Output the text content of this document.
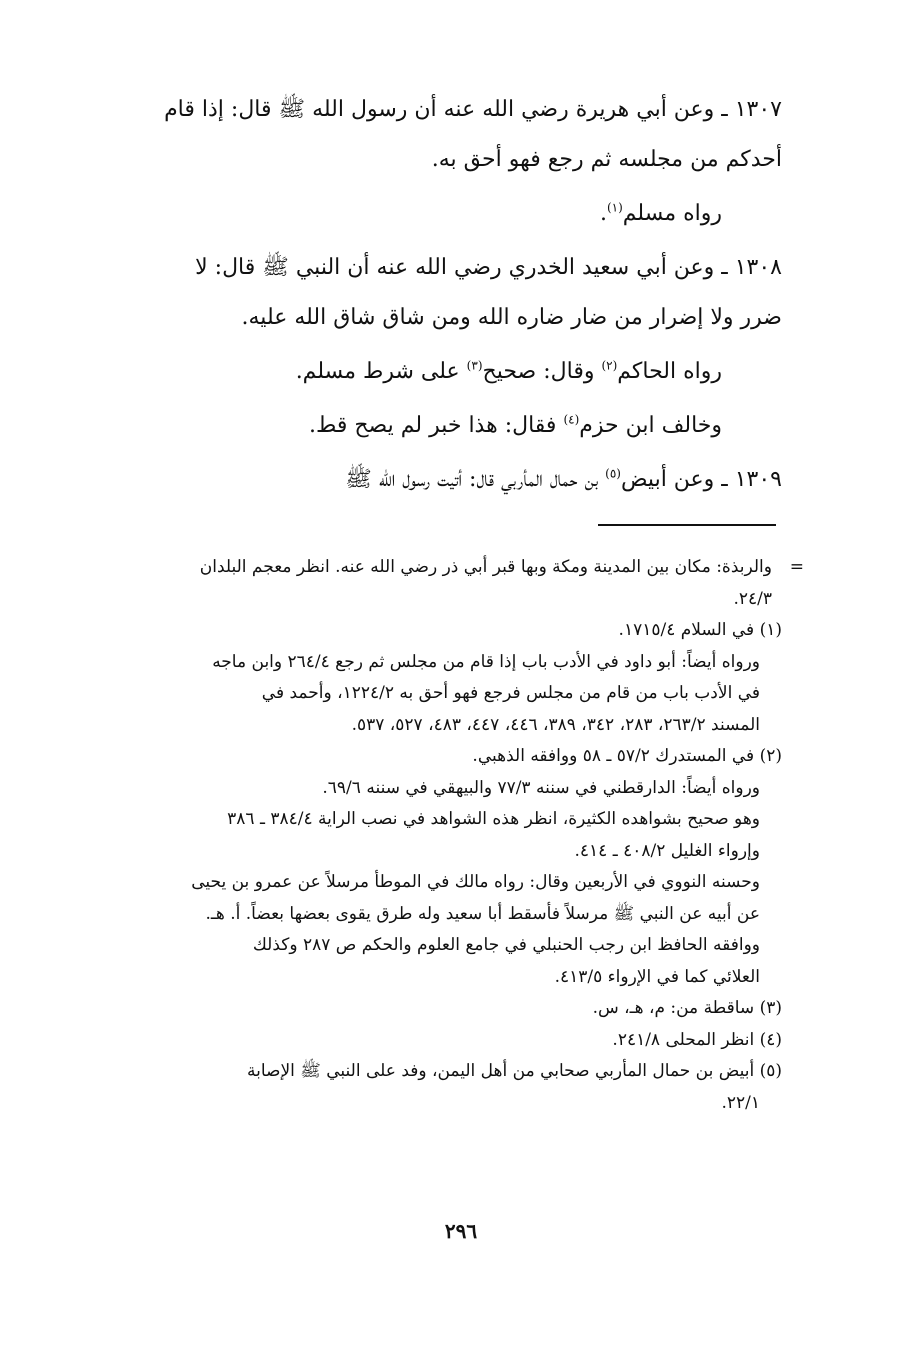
١٣٠٧ ـ وعن أبي هريرة رضي الله عنه أن رسول الله ﷺ قال: إذا قام

أحدكم من مجلسه ثم رجع فهو أحق به.

رواه مسلم$^{(١)}$.

١٣٠٨ ـ وعن أبي سعيد الخدري رضي الله عنه أن النبي ﷺ قال: لا

ضرر ولا إضرار من ضار ضاره الله ومن شاق شاق الله عليه.

رواه الحاكم$^{(٢)}$ وقال: صحيح$^{(٣)}$ على شرط مسلم.

وخالف ابن حزم$^{(٤)}$ فقال: هذا خبر لم يصح قط.

١٣٠٩ ـ وعن أبيض$^{(٥)}$ بن حمال المأربي قال: أتيت رسول الله ﷺ

=

والربذة: مكان بين المدينة ومكة وبها قبر أبي ذر رضي الله عنه. انظر معجم البلدان

٢٤/٣.

(١) في السلام ١٧١٥/٤.

ورواه أيضاً: أبو داود في الأدب باب إذا قام من مجلس ثم رجع ٢٦٤/٤ وابن ماجه

في الأدب باب من قام من مجلس فرجع فهو أحق به ١٢٢٤/٢، وأحمد في

المسند ٢٦٣/٢، ٢٨٣، ٣٤٢، ٣٨٩، ٤٤٦، ٤٤٧، ٤٨٣، ٥٢٧، ٥٣٧.

(٢) في المستدرك ٥٧/٢ ـ ٥٨ ووافقه الذهبي.

ورواه أيضاً: الدارقطني في سننه ٧٧/٣ والبيهقي في سننه ٦٩/٦.

وهو صحيح بشواهده الكثيرة، انظر هذه الشواهد في نصب الراية ٣٨٤/٤ ـ ٣٨٦

وإرواء الغليل ٤٠٨/٢ ـ ٤١٤.

وحسنه النووي في الأربعين وقال: رواه مالك في الموطأ مرسلاً عن عمرو بن يحيى

عن أبيه عن النبي ﷺ مرسلاً فأسقط أبا سعيد وله طرق يقوى بعضها بعضاً. أ. هـ.

ووافقه الحافظ ابن رجب الحنبلي في جامع العلوم والحكم ص ٢٨٧ وكذلك

العلائي كما في الإرواء ٤١٣/٥.

(٣) ساقطة من: م، هـ، س.

(٤) انظر المحلى ٢٤١/٨.

(٥) أبيض بن حمال المأربي صحابي من أهل اليمن، وفد على النبي ﷺ الإصابة

٢٢/١.

٢٩٦
